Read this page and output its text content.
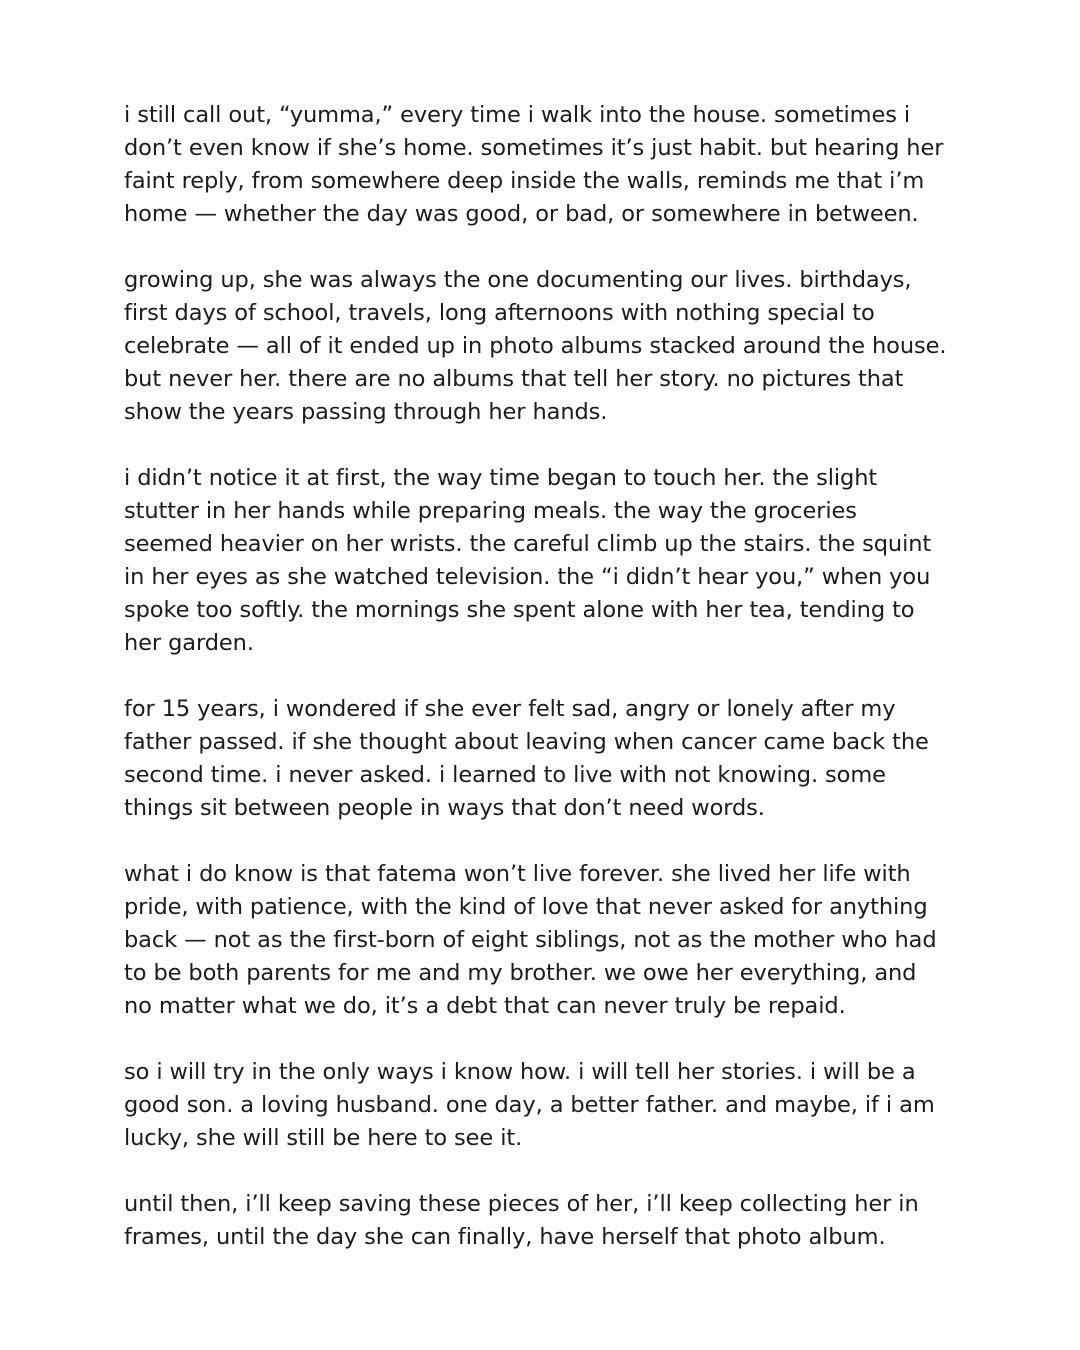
i still call out, “yumma,” every time i walk into the house. sometimes i
don’t even know if she’s home. sometimes it’s just habit. but hearing her
faint reply, from somewhere deep inside the walls, reminds me that i’m
home — whether the day was good, or bad, or somewhere in between.

growing up, she was always the one documenting our lives. birthdays,
first days of school, travels, long afternoons with nothing special to
celebrate — all of it ended up in photo albums stacked around the house.
but never her. there are no albums that tell her story. no pictures that
show the years passing through her hands.

i didn’t notice it at first, the way time began to touch her. the slight
stutter in her hands while preparing meals. the way the groceries
seemed heavier on her wrists. the careful climb up the stairs. the squint
in her eyes as she watched television. the “i didn’t hear you,” when you
spoke too softly. the mornings she spent alone with her tea, tending to
her garden.

for 15 years, i wondered if she ever felt sad, angry or lonely after my
father passed. if she thought about leaving when cancer came back the
second time. i never asked. i learned to live with not knowing. some
things sit between people in ways that don’t need words.

what i do know is that fatema won’t live forever. she lived her life with
pride, with patience, with the kind of love that never asked for anything
back — not as the first-born of eight siblings, not as the mother who had
to be both parents for me and my brother. we owe her everything, and
no matter what we do, it’s a debt that can never truly be repaid.

so i will try in the only ways i know how. i will tell her stories. i will be a
good son. a loving husband. one day, a better father. and maybe, if i am
lucky, she will still be here to see it.

until then, i’ll keep saving these pieces of her, i’ll keep collecting her in
frames, until the day she can finally, have herself that photo album.
